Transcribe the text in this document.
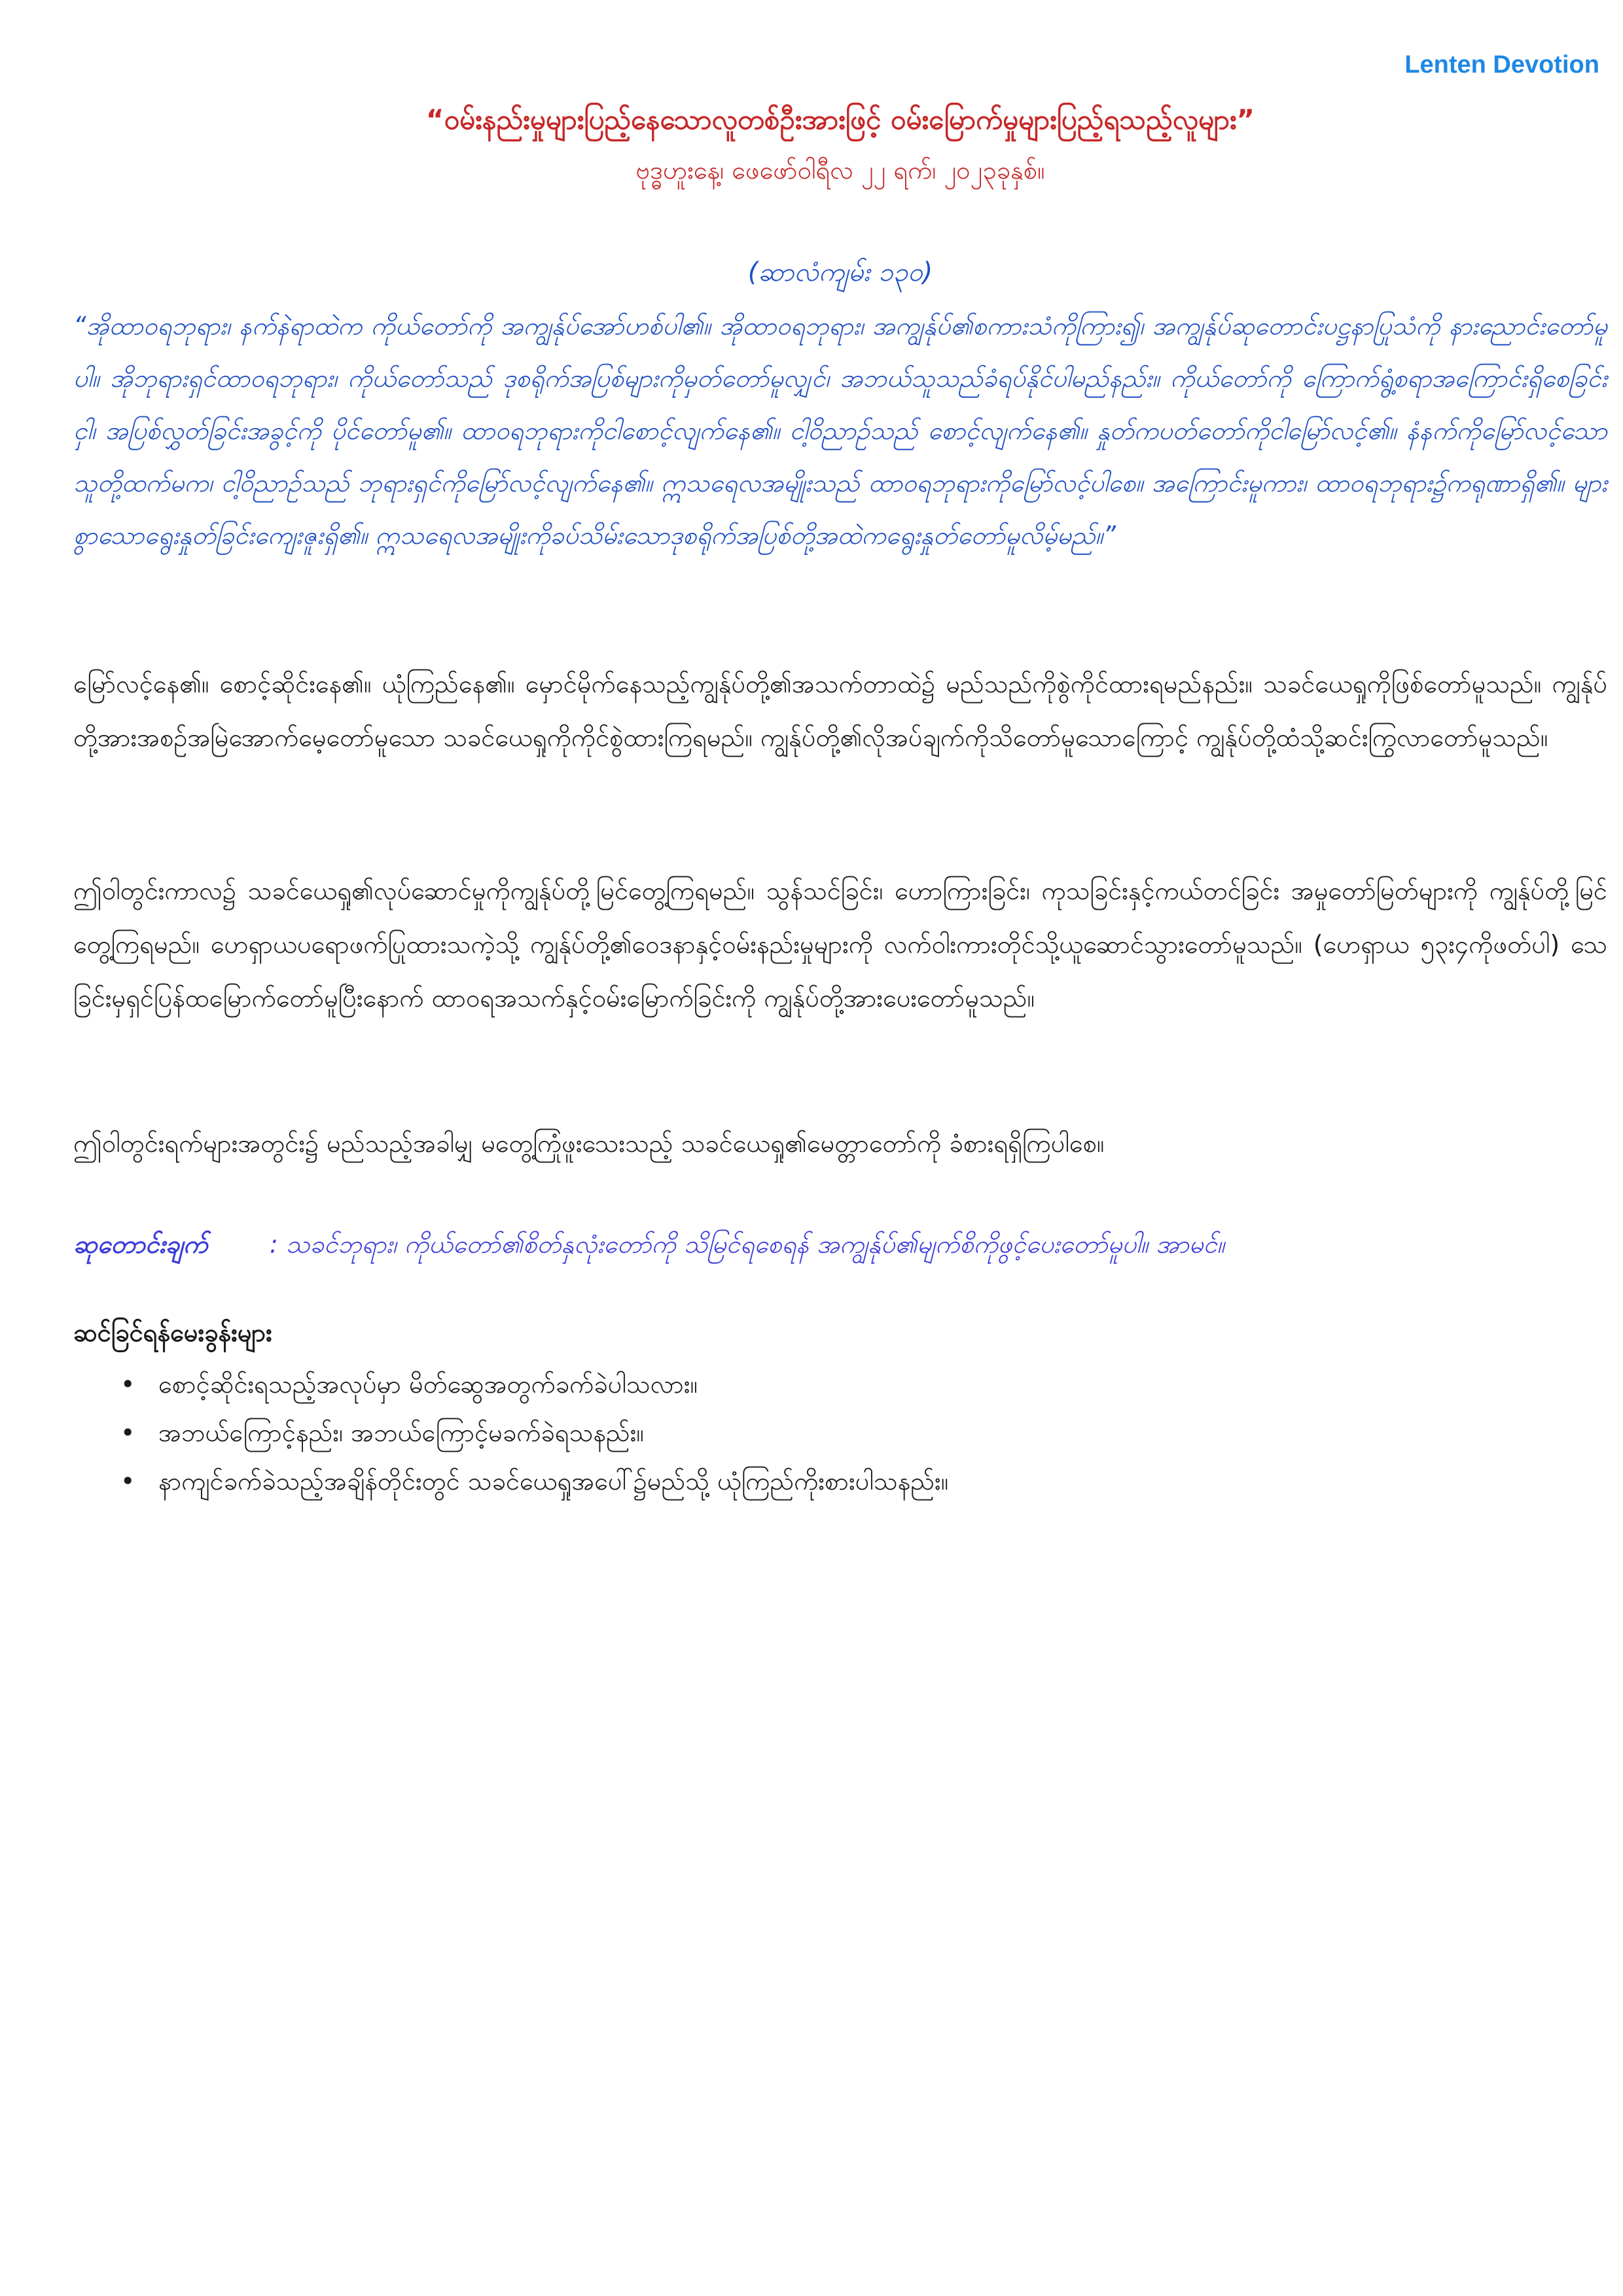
Lenten Devotion
“ဝမ်းနည်းမှုများပြည့်နေသောလူတစ်ဦးအားဖြင့် ဝမ်းမြောက်မှုများပြည့်ရသည့်လူများ”
ဗုဒ္ဓဟူးနေ့၊ ဖေဖော်ဝါရီလ ၂၂ ရက်၊ ၂၀၂၃ခုနှစ်။
(ဆာလံကျမ်း ၁၃၀)
“အိုထာဝရဘုရား၊ နက်နဲရာထဲက ကိုယ်တော်ကို အကျွန်ုပ်အော်ဟစ်ပါ၏။ အိုထာဝရဘုရား၊ အကျွန်ုပ်၏စကားသံကိုကြား၍၊ အကျွန်ုပ်ဆုတောင်းပဋ္ဌနာပြုသံကို နားညောင်းတော်မူပါ။ အိုဘုရားရှင်ထာဝရဘုရား၊ ကိုယ်တော်သည် ဒုစရိုက်အပြစ်များကိုမှတ်တော်မူလျှင်၊ အဘယ်သူသည်ခံရပ်နိုင်ပါမည်နည်း။ ကိုယ်တော်ကို ကြောက်ရွံ့စရာအကြောင်းရှိစေခြင်းငှါ၊ အပြစ်လွှတ်ခြင်းအခွင့်ကို ပိုင်တော်မူ၏။ ထာဝရဘုရားကိုငါစောင့်လျက်နေ၏။ ငါ့ဝိညာဉ်သည် စောင့်လျက်နေ၏။ နှုတ်ကပတ်တော်ကိုငါမြော်လင့်၏။ နံနက်ကိုမြော်လင့်သောသူတို့ထက်မက၊ ငါ့ဝိညာဉ်သည် ဘုရားရှင်ကိုမြော်လင့်လျက်နေ၏။ ဣသရေလအမျိုးသည် ထာဝရဘုရားကိုမြော်လင့်ပါစေ။ အကြောင်းမူကား၊ ထာဝရဘုရား၌ကရုဏာရှိ၏။ များစွာသောရွေးနှုတ်ခြင်းကျေးဇူးရှိ၏။ ဣသရေလအမျိုးကိုခပ်သိမ်းသောဒုစရိုက်အပြစ်တို့အထဲကရွေးနှုတ်တော်မူလိမ့်မည်။”
မြော်လင့်နေ၏။ စောင့်ဆိုင်းနေ၏။ ယုံကြည်နေ၏။ မှောင်မိုက်နေသည့်ကျွန်ုပ်တို့၏အသက်တာထဲ၌ မည်သည်ကိုစွဲကိုင်ထားရမည်နည်း။ သခင်ယေရှုကိုဖြစ်တော်မူသည်။ ကျွန်ုပ်တို့အားအစဉ်အမြဲအောက်မေ့တော်မူသော သခင်ယေရှုကိုကိုင်စွဲထားကြရမည်။ ကျွန်ုပ်တို့၏လိုအပ်ချက်ကိုသိတော်မူသောကြောင့် ကျွန်ုပ်တို့ထံသို့ဆင်းကြွလာတော်မူသည်။
ဤဝါတွင်းကာလ၌ သခင်ယေရှု၏လုပ်ဆောင်မှုကိုကျွန်ုပ်တို့မြင်တွေ့ကြရမည်။ သွန်သင်ခြင်း၊ ဟောကြားခြင်း၊ ကုသခြင်းနှင့်ကယ်တင်ခြင်း အမှုတော်မြတ်များကို ကျွန်ုပ်တို့မြင်တွေ့ကြရမည်။ ဟေရှာယပရောဖက်ပြုထားသကဲ့သို့ ကျွန်ုပ်တို့၏ဝေဒနာနှင့်ဝမ်းနည်းမှုများကို လက်ဝါးကားတိုင်သို့ယူဆောင်သွားတော်မူသည်။ (ဟေရှာယ ၅၃း၄ကိုဖတ်ပါ) သေခြင်းမှရှင်ပြန်ထမြောက်တော်မူပြီးနောက် ထာဝရအသက်နှင့်ဝမ်းမြောက်ခြင်းကို ကျွန်ုပ်တို့အားပေးတော်မူသည်။
ဤဝါတွင်းရက်များအတွင်း၌ မည်သည့်အခါမျှ မတွေ့ကြုံဖူးသေးသည့် သခင်ယေရှု၏မေတ္တာတော်ကို ခံစားရရှိကြပါစေ။
ဆုတောင်းချက် : သခင်ဘုရား၊ ကိုယ်တော်၏စိတ်နှလုံးတော်ကို သိမြင်ရစေရန် အကျွန်ုပ်၏မျက်စိကိုဖွင့်ပေးတော်မူပါ။ အာမင်။
ဆင်ခြင်ရန်မေးခွန်းများ
• စောင့်ဆိုင်းရသည့်အလုပ်မှာ မိတ်ဆွေအတွက်ခက်ခဲပါသလား။
• အဘယ်ကြောင့်နည်း၊ အဘယ်ကြောင့်မခက်ခဲရသနည်း။
• နာကျင်ခက်ခဲသည့်အချိန်တိုင်းတွင် သခင်ယေရှုအပေါ်၌မည်သို့ ယုံကြည်ကိုးစားပါသနည်း။
